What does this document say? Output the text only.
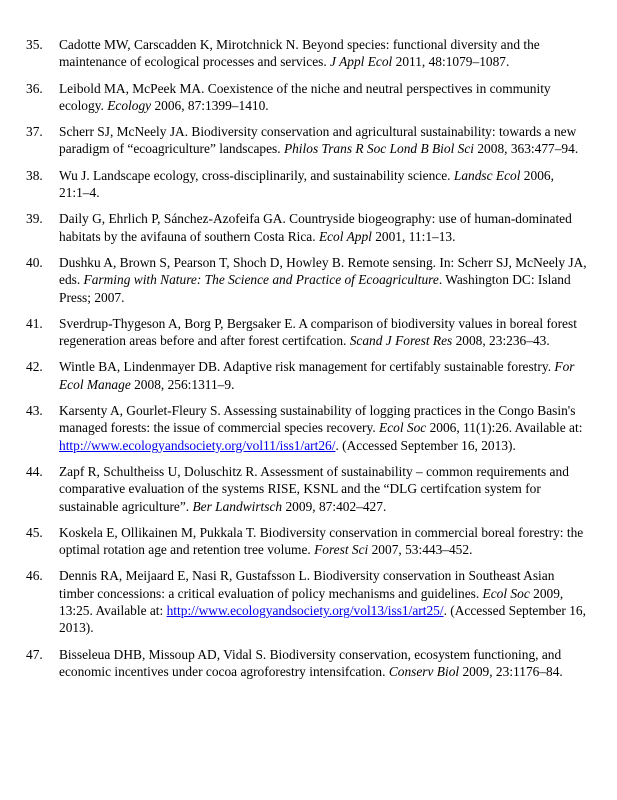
35.	Cadotte MW, Carscadden K, Mirotchnick N. Beyond species: functional diversity and the maintenance of ecological processes and services. J Appl Ecol 2011, 48:1079–1087.
36.	Leibold MA, McPeek MA. Coexistence of the niche and neutral perspectives in community ecology. Ecology 2006, 87:1399–1410.
37.	Scherr SJ, McNeely JA. Biodiversity conservation and agricultural sustainability: towards a new paradigm of “ecoagriculture” landscapes. Philos Trans R Soc Lond B Biol Sci 2008, 363:477–94.
38.	Wu J. Landscape ecology, cross-disciplinarily, and sustainability science. Landsc Ecol 2006, 21:1–4.
39.	Daily G, Ehrlich P, Sánchez-Azofeifa GA. Countryside biogeography: use of human-dominated habitats by the avifauna of southern Costa Rica. Ecol Appl 2001, 11:1–13.
40.	Dushku A, Brown S, Pearson T, Shoch D, Howley B. Remote sensing. In: Scherr SJ, McNeely JA, eds. Farming with Nature: The Science and Practice of Ecoagriculture. Washington DC: Island Press; 2007.
41.	Sverdrup-Thygeson A, Borg P, Bergsaker E. A comparison of biodiversity values in boreal forest regeneration areas before and after forest certifcation. Scand J Forest Res 2008, 23:236–43.
42.	Wintle BA, Lindenmayer DB. Adaptive risk management for certifably sustainable forestry. For Ecol Manage 2008, 256:1311–9.
43.	Karsenty A, Gourlet-Fleury S. Assessing sustainability of logging practices in the Congo Basin's managed forests: the issue of commercial species recovery. Ecol Soc 2006, 11(1):26. Available at: http://www.ecologyandsociety.org/vol11/iss1/art26/. (Accessed September 16, 2013).
44.	Zapf R, Schultheiss U, Doluschitz R. Assessment of sustainability – common requirements and comparative evaluation of the systems RISE, KSNL and the “DLG certifcation system for sustainable agriculture”. Ber Landwirtsch 2009, 87:402–427.
45.	Koskela E, Ollikainen M, Pukkala T. Biodiversity conservation in commercial boreal forestry: the optimal rotation age and retention tree volume. Forest Sci 2007, 53:443–452.
46.	Dennis RA, Meijaard E, Nasi R, Gustafsson L. Biodiversity conservation in Southeast Asian timber concessions: a critical evaluation of policy mechanisms and guidelines. Ecol Soc 2009, 13:25. Available at: http://www.ecologyandsociety.org/vol13/iss1/art25/. (Accessed September 16, 2013).
47.	Bisseleua DHB, Missoup AD, Vidal S. Biodiversity conservation, ecosystem functioning, and economic incentives under cocoa agroforestry intensifcation. Conserv Biol 2009, 23:1176–84.
